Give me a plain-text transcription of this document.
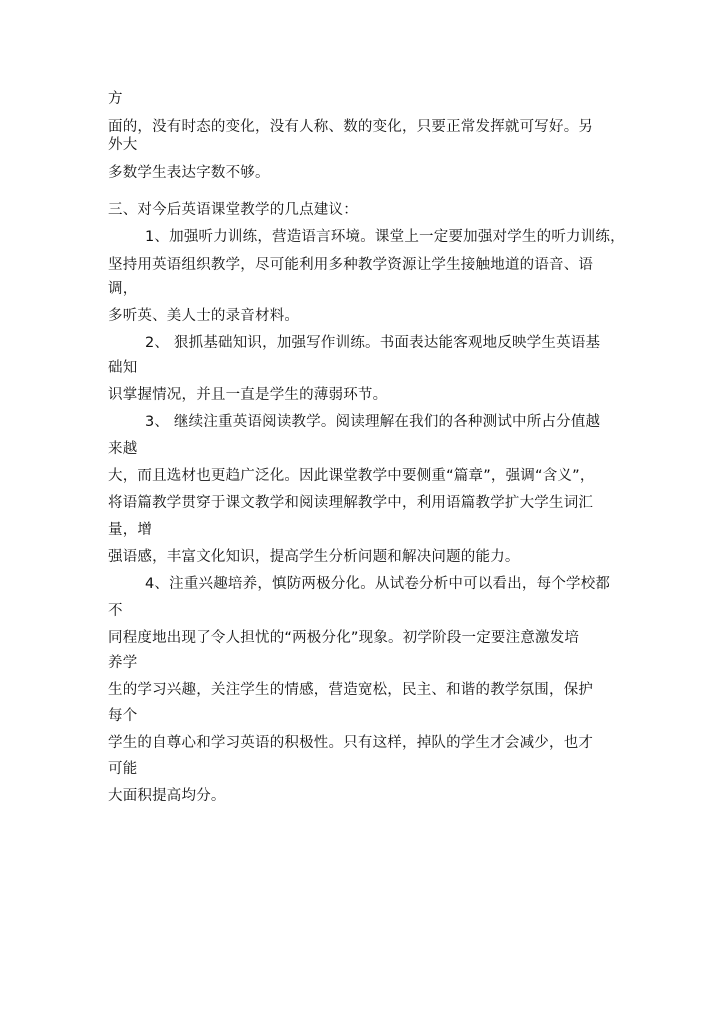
方
面的，没有时态的变化，没有人称、数的变化，只要正常发挥就可写好。另
外大
多数学生表达字数不够。
三、对今后英语课堂教学的几点建议：
1、加强听力训练，营造语言环境。课堂上一定要加强对学生的听力训练，
坚持用英语组织教学，尽可能利用多种教学资源让学生接触地道的语音、语
调，
多听英、美人士的录音材料。
2、 狠抓基础知识，加强写作训练。书面表达能客观地反映学生英语基
础知
识掌握情况，并且一直是学生的薄弱环节。
3、 继续注重英语阅读教学。阅读理解在我们的各种测试中所占分值越
来越
大，而且选材也更趋广泛化。因此课堂教学中要侧重“篇章”，强调“含义”，
将语篇教学贯穿于课文教学和阅读理解教学中，利用语篇教学扩大学生词汇
量，增
强语感，丰富文化知识，提高学生分析问题和解决问题的能力。
4、注重兴趣培养，慎防两极分化。从试卷分析中可以看出，每个学校都
不
同程度地出现了令人担忧的“两极分化”现象。初学阶段一定要注意激发培
养学
生的学习兴趣，关注学生的情感，营造宽松，民主、和谐的教学氛围，保护
每个
学生的自尊心和学习英语的积极性。只有这样，掉队的学生才会减少，也才
可能
大面积提高均分。
